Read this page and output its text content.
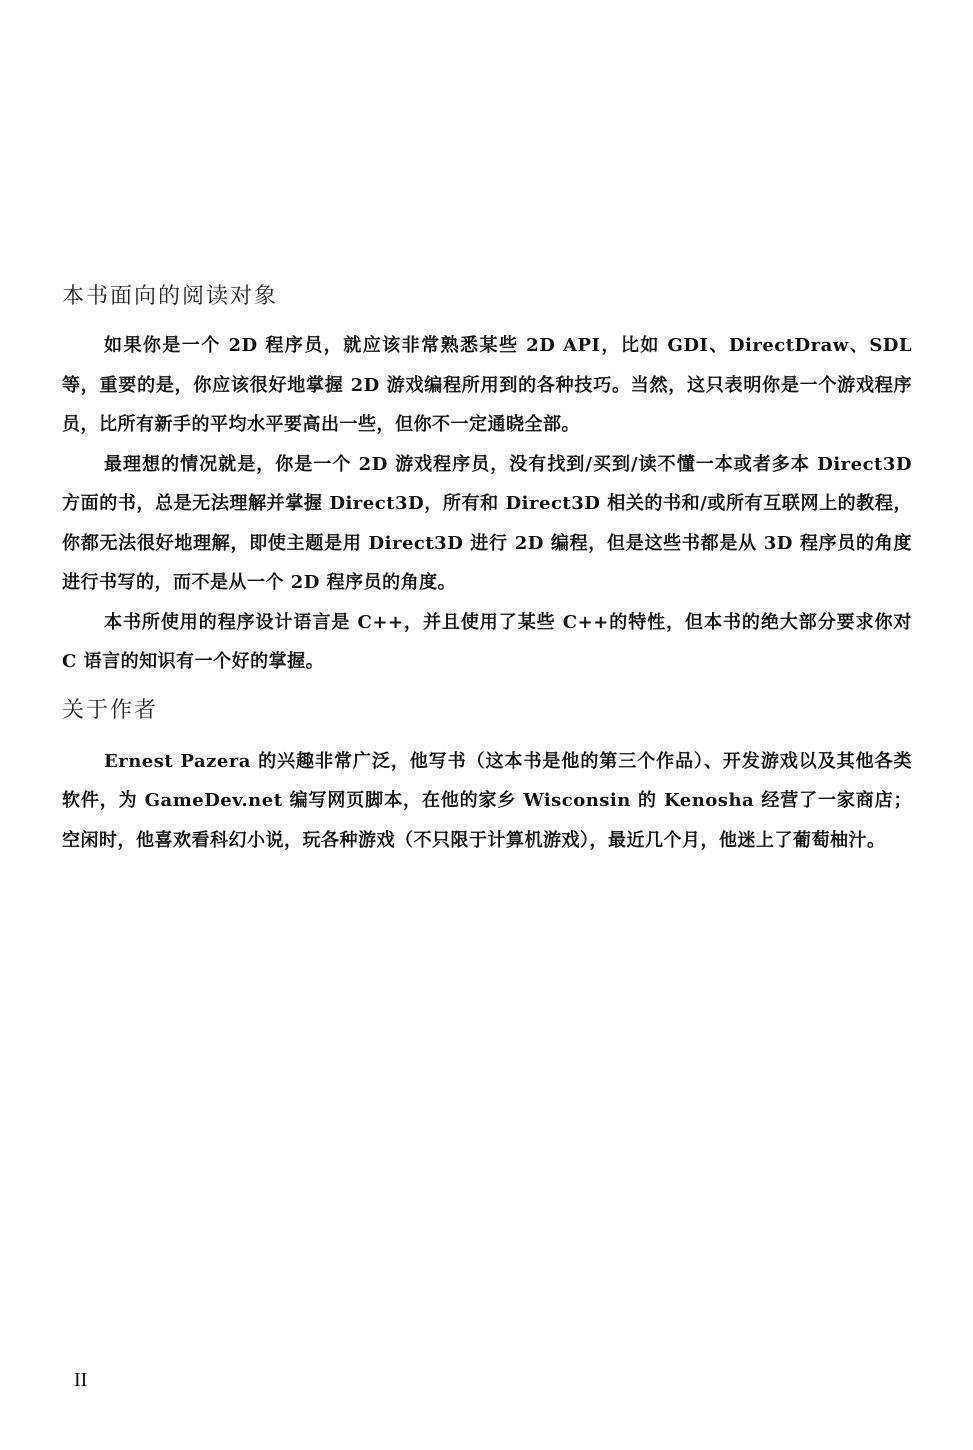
本书面向的阅读对象

如果你是一个 2D 程序员，就应该非常熟悉某些 2D API，比如 GDI、DirectDraw、SDL 等，重要的是，你应该很好地掌握 2D 游戏编程所用到的各种技巧。当然，这只表明你是一个游戏程序员，比所有新手的平均水平要高出一些，但你不一定通晓全部。

最理想的情况就是，你是一个 2D 游戏程序员，没有找到/买到/读不懂一本或者多本 Direct3D 方面的书，总是无法理解并掌握 Direct3D，所有和 Direct3D 相关的书和/或所有互联网上的教程，你都无法很好地理解，即使主题是用 Direct3D 进行 2D 编程，但是这些书都是从 3D 程序员的角度进行书写的，而不是从一个 2D 程序员的角度。

本书所使用的程序设计语言是 C++，并且使用了某些 C++的特性，但本书的绝大部分要求你对 C 语言的知识有一个好的掌握。

关于作者

Ernest Pazera 的兴趣非常广泛，他写书（这本书是他的第三个作品）、开发游戏以及其他各类软件，为 GameDev.net 编写网页脚本，在他的家乡 Wisconsin 的 Kenosha 经营了一家商店；空闲时，他喜欢看科幻小说，玩各种游戏（不只限于计算机游戏），最近几个月，他迷上了葡萄柚汁。

II
